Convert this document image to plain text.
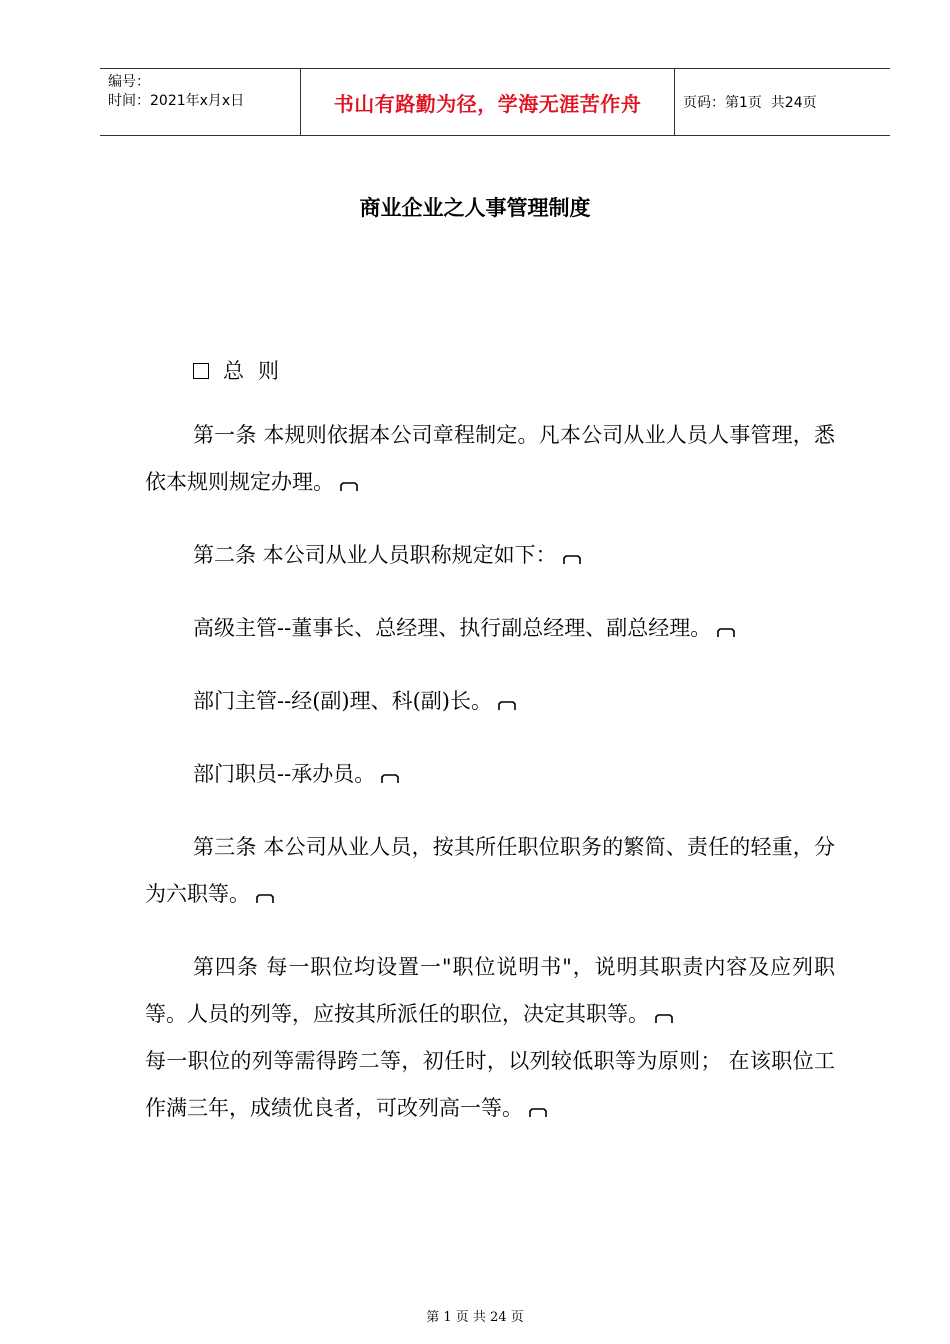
编号：
时间：2021年x月x日	书山有路勤为径，学海无涯苦作舟	页码：第1页  共24页
商业企业之人事管理制度
总则

第一条 本规则依据本公司章程制定。凡本公司从业人员人事管理，悉依本规则规定办理。

第二条 本公司从业人员职称规定如下：

高级主管--董事长、总经理、执行副总经理、副总经理。

部门主管--经(副)理、科(副)长。

部门职员--承办员。

第三条 本公司从业人员，按其所任职位职务的繁简、责任的轻重，分为六职等。

第四条 每一职位均设置一"职位说明书"，说明其职责内容及应列职等。人员的列等，应按其所派任的职位，决定其职等。

每一职位的列等需得跨二等，初任时，以列较低职等为原则； 在该职位工作满三年，成绩优良者，可改列高一等。

第 1 页 共 24 页
